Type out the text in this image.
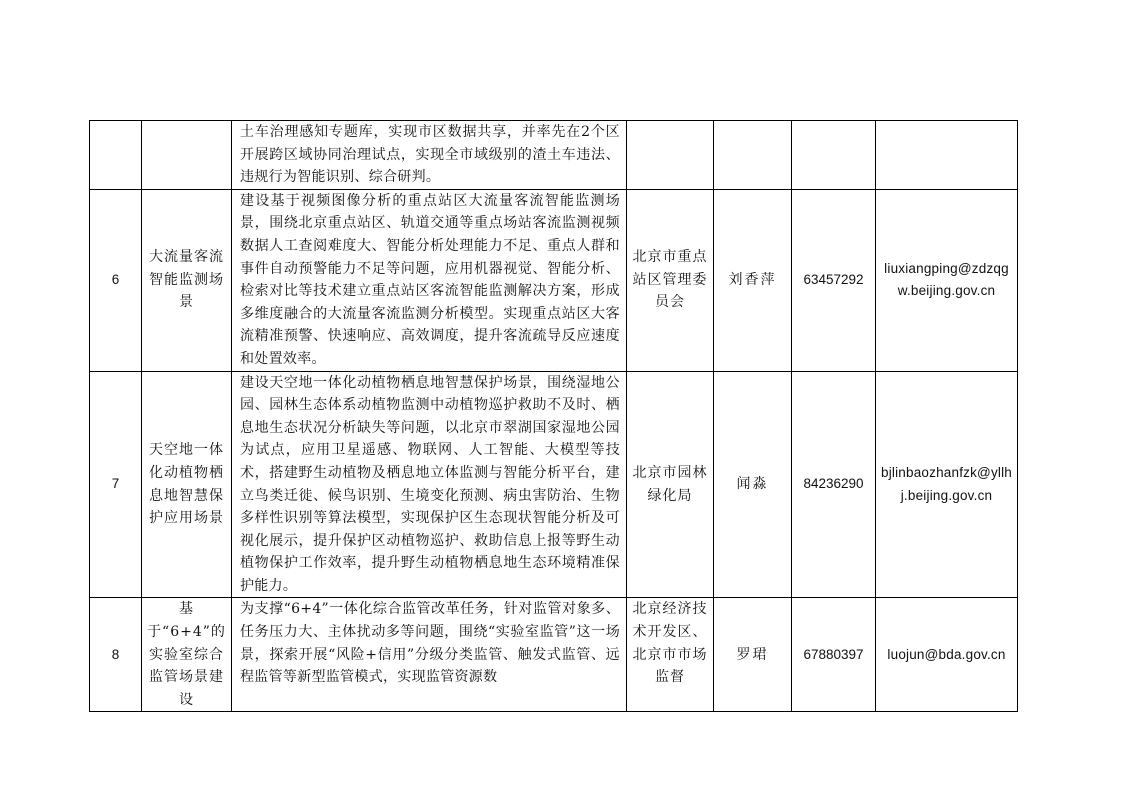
		土车治理感知专题库，实现市区数据共享，并率先在2个区开展跨区域协同治理试点，实现全市域级别的渣土车违法、违规行为智能识别、综合研判。				
6	大流量客流智能监测场景	建设基于视频图像分析的重点站区大流量客流智能监测场景，围绕北京重点站区、轨道交通等重点场站客流监测视频数据人工查阅难度大、智能分析处理能力不足、重点人群和事件自动预警能力不足等问题，应用机器视觉、智能分析、检索对比等技术建立重点站区客流智能监测解决方案，形成多维度融合的大流量客流监测分析模型。实现重点站区大客流精准预警、快速响应、高效调度，提升客流疏导反应速度和处置效率。	北京市重点站区管理委员会	刘香萍	63457292	liuxiangping@zdzqgw.beijing.gov.cn
7	天空地一体化动植物栖息地智慧保护应用场景	建设天空地一体化动植物栖息地智慧保护场景，围绕湿地公园、园林生态体系动植物监测中动植物巡护救助不及时、栖息地生态状况分析缺失等问题，以北京市翠湖国家湿地公园为试点，应用卫星遥感、物联网、人工智能、大模型等技术，搭建野生动植物及栖息地立体监测与智能分析平台，建立鸟类迁徙、候鸟识别、生境变化预测、病虫害防治、生物多样性识别等算法模型，实现保护区生态现状智能分析及可视化展示，提升保护区动植物巡护、救助信息上报等野生动植物保护工作效率，提升野生动植物栖息地生态环境精准保护能力。	北京市园林绿化局	闻淼	84236290	bjlinbaozhanfzk@yllhj.beijing.gov.cn
8	基于“6+4”的实验室综合监管场景建设	为支撑“6+4”一体化综合监管改革任务，针对监管对象多、任务压力大、主体扰动多等问题，围绕“实验室监管”这一场景，探索开展“风险+信用”分级分类监管、触发式监管、远程监管等新型监管模式，实现监管资源数	北京经济技术开发区、北京市市场监督	罗珺	67880397	luojun@bda.gov.cn
